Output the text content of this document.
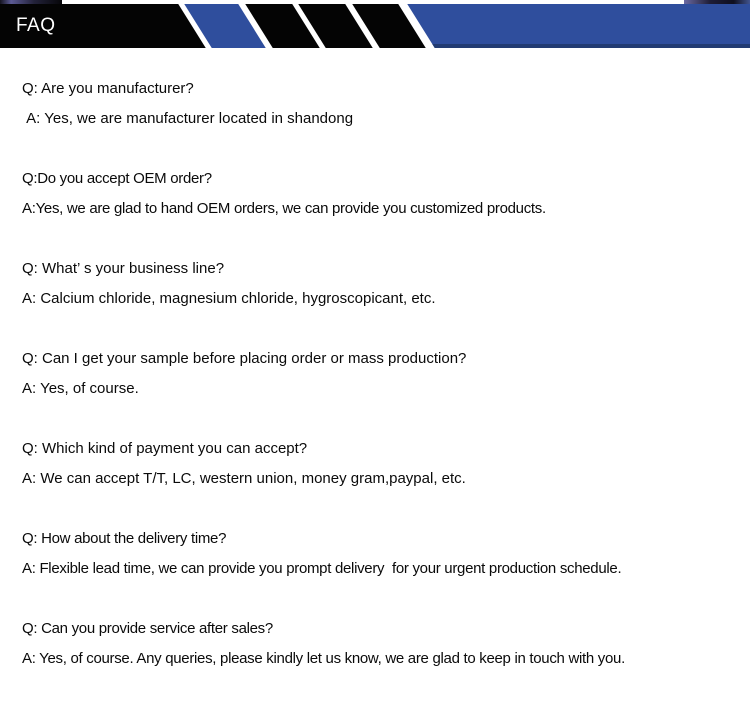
FAQ
Q: Are you manufacturer?
A: Yes, we are manufacturer located in shandong
Q:Do you accept OEM order?
A:Yes, we are glad to hand OEM orders, we can provide you customized products.
Q: What’ s your business line?
A: Calcium chloride, magnesium chloride, hygroscopicant, etc.
Q: Can I get your sample before placing order or mass production?
A: Yes, of course.
Q: Which kind of payment you can accept?
A: We can accept T/T, LC, western union, money gram,paypal, etc.
Q: How about the delivery time?
A: Flexible lead time, we can provide you prompt delivery  for your urgent production schedule.
Q: Can you provide service after sales?
A: Yes, of course. Any queries, please kindly let us know, we are glad to keep in touch with you.
